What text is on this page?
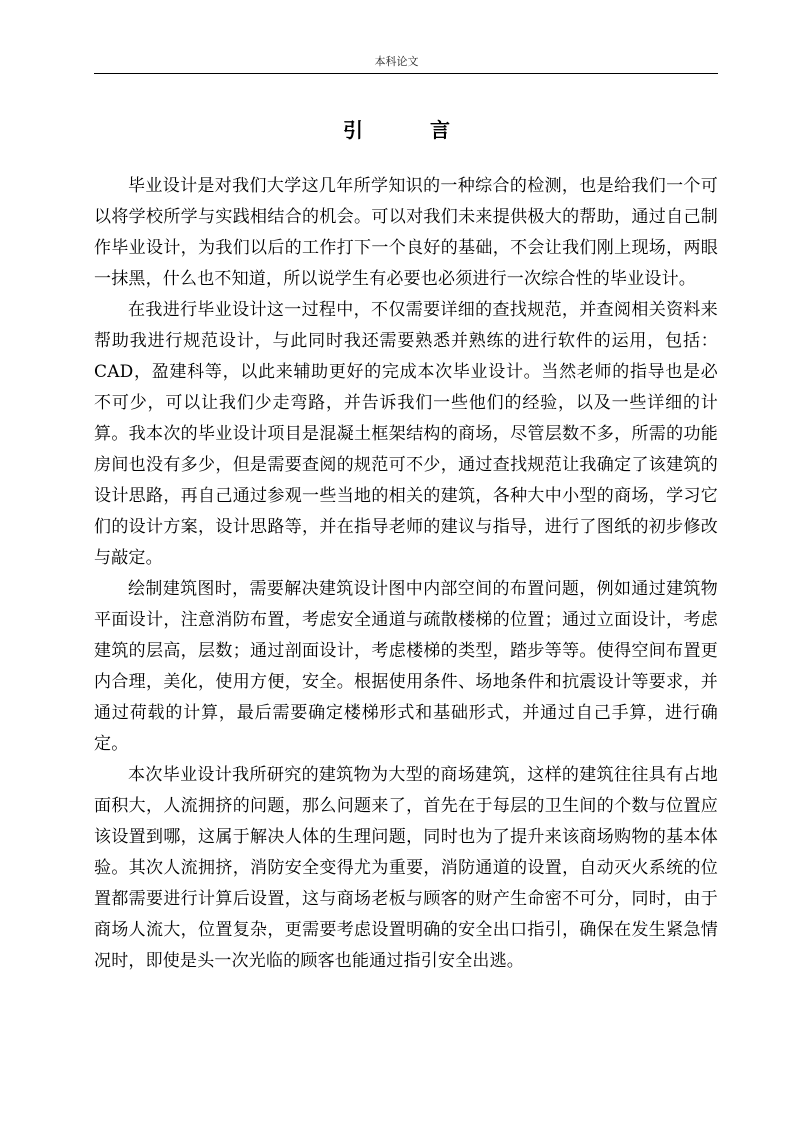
本科论文
引 言

毕业设计是对我们大学这几年所学知识的一种综合的检测，也是给我们一个可以将学校所学与实践相结合的机会。可以对我们未来提供极大的帮助，通过自己制作毕业设计，为我们以后的工作打下一个良好的基础，不会让我们刚上现场，两眼一抹黑，什么也不知道，所以说学生有必要也必须进行一次综合性的毕业设计。

在我进行毕业设计这一过程中，不仅需要详细的查找规范，并查阅相关资料来帮助我进行规范设计，与此同时我还需要熟悉并熟练的进行软件的运用，包括：CAD，盈建科等，以此来辅助更好的完成本次毕业设计。当然老师的指导也是必不可少，可以让我们少走弯路，并告诉我们一些他们的经验，以及一些详细的计算。我本次的毕业设计项目是混凝土框架结构的商场，尽管层数不多，所需的功能房间也没有多少，但是需要查阅的规范可不少，通过查找规范让我确定了该建筑的设计思路，再自己通过参观一些当地的相关的建筑，各种大中小型的商场，学习它们的设计方案，设计思路等，并在指导老师的建议与指导，进行了图纸的初步修改与敲定。

绘制建筑图时，需要解决建筑设计图中内部空间的布置问题，例如通过建筑物平面设计，注意消防布置，考虑安全通道与疏散楼梯的位置；通过立面设计，考虑建筑的层高，层数；通过剖面设计，考虑楼梯的类型，踏步等等。使得空间布置更内合理，美化，使用方便，安全。根据使用条件、场地条件和抗震设计等要求，并通过荷载的计算，最后需要确定楼梯形式和基础形式，并通过自己手算，进行确定。

本次毕业设计我所研究的建筑物为大型的商场建筑，这样的建筑往往具有占地面积大，人流拥挤的问题，那么问题来了，首先在于每层的卫生间的个数与位置应该设置到哪，这属于解决人体的生理问题，同时也为了提升来该商场购物的基本体验。其次人流拥挤，消防安全变得尤为重要，消防通道的设置，自动灭火系统的位置都需要进行计算后设置，这与商场老板与顾客的财产生命密不可分，同时，由于商场人流大，位置复杂，更需要考虑设置明确的安全出口指引，确保在发生紧急情况时，即使是头一次光临的顾客也能通过指引安全出逃。
